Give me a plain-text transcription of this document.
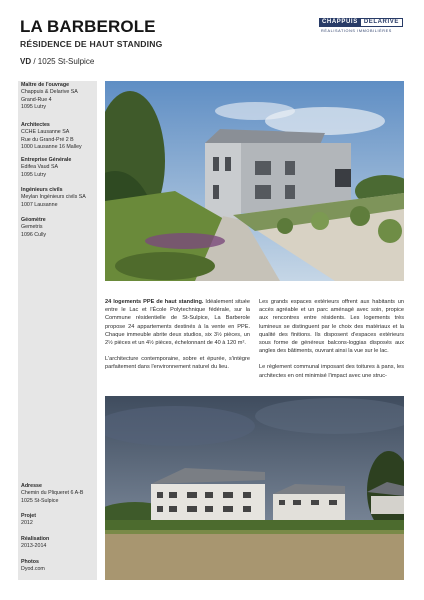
LA BARBEROLE
RÉSIDENCE DE HAUT STANDING
VD / 1025 St-Sulpice
CHAPPUIS	DELARIVE
RÉALISATIONS IMMOBILIÈRES
Maître de l'ouvrage
Chappuis & Delarive SA
Grand-Rue 4
1095 Lutry
Architectes
CCHE Lausanne SA
Rue du Grand-Pré 2 B
1000 Lausanne 16 Malley
Entreprise Générale
Edifea Vaud SA
1095 Lutry
Ingénieurs civils
Meylan Ingénieurs civils SA
1007 Lausanne
Géomètre
Gemetris
1096 Cully
Adresse
Chemin du Pliqueret 6 A-B
1025 St-Sulpice
Projet
2012
Réalisation
2013-2014
Photos
Dyod.com

24 logements PPE de haut standing. Idéalement située entre le Lac et l'École Polytechnique fédérale, sur la Commune résidentielle de St-Sulpice, La Barberole propose 24 appartements destinés à la vente en PPE. Chaque immeuble abrite deux studios, six 3½ pièces, un 2½ pièces et un 4½ pièces, échelonnant de 40 à 120 m².

L'architecture contemporaine, sobre et épurée, s'intègre parfaitement dans l'environnement naturel du lieu.

Les grands espaces extérieurs offrent aux habitants un accès agréable et un parc aménagé avec soin, propice aux rencontres entre résidents. Les logements très lumineux se distinguent par le choix des matériaux et la qualité des finitions. Ils disposent d'espaces extérieurs sous forme de généreux balcons-loggias disposés aux angles des bâtiments, ouvrant ainsi la vue sur le lac.

Le règlement communal imposant des toitures à pans, les architectes en ont minimisé l'impact avec une struc-
